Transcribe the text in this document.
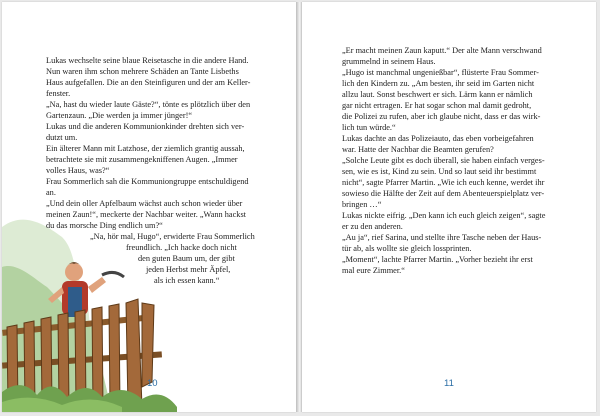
Lukas wechselte seine blaue Reisetasche in die andere Hand.
Nun waren ihm schon mehrere Schäden an Tante Lisbeths
Haus aufgefallen. Die an den Steinfiguren und der am Keller-
fenster.
„Na, hast du wieder laute Gäste?“, tönte es plötzlich über den
Gartenzaun. „Die werden ja immer jünger!“
Lukas und die anderen Kommunionkinder drehten sich ver-
dutzt um.
Ein älterer Mann mit Latzhose, der ziemlich grantig aussah,
betrachtete sie mit zusammengekniffenen Augen. „Immer
volles Haus, was?“
Frau Sommerlich sah die Kommuniongruppe entschuldigend
an.
„Und dein oller Apfelbaum wächst auch schon wieder über
meinen Zaun!“, meckerte der Nachbar weiter. „Wann hackst
du das morsche Ding endlich um?“
„Na, hör mal, Hugo“, erwiderte Frau Sommerlich
freundlich. „Ich hacke doch nicht
den guten Baum um, der gibt
jeden Herbst mehr Äpfel,
als ich essen kann.“
10
„Er macht meinen Zaun kaputt.“ Der alte Mann verschwand
grummelnd in seinem Haus.
„Hugo ist manchmal ungenießbar“, flüsterte Frau Sommer-
lich den Kindern zu. „Am besten, ihr seid im Garten nicht
allzu laut. Sonst beschwert er sich. Lärm kann er nämlich
gar nicht ertragen. Er hat sogar schon mal damit gedroht,
die Polizei zu rufen, aber ich glaube nicht, dass er das wirk-
lich tun würde.“
Lukas dachte an das Polizeiauto, das eben vorbeigefahren
war. Hatte der Nachbar die Beamten gerufen?
„Solche Leute gibt es doch überall, sie haben einfach verges-
sen, wie es ist, Kind zu sein. Und so laut seid ihr bestimmt
nicht“, sagte Pfarrer Martin. „Wie ich euch kenne, werdet ihr
sowieso die Hälfte der Zeit auf dem Abenteuerspielplatz ver-
bringen …“
Lukas nickte eifrig. „Den kann ich euch gleich zeigen“, sagte
er zu den anderen.
„Au ja“, rief Sarina, und stellte ihre Tasche neben der Haus-
tür ab, als wollte sie gleich lossprinten.
„Moment“, lachte Pfarrer Martin. „Vorher bezieht ihr erst
mal eure Zimmer.“
11
